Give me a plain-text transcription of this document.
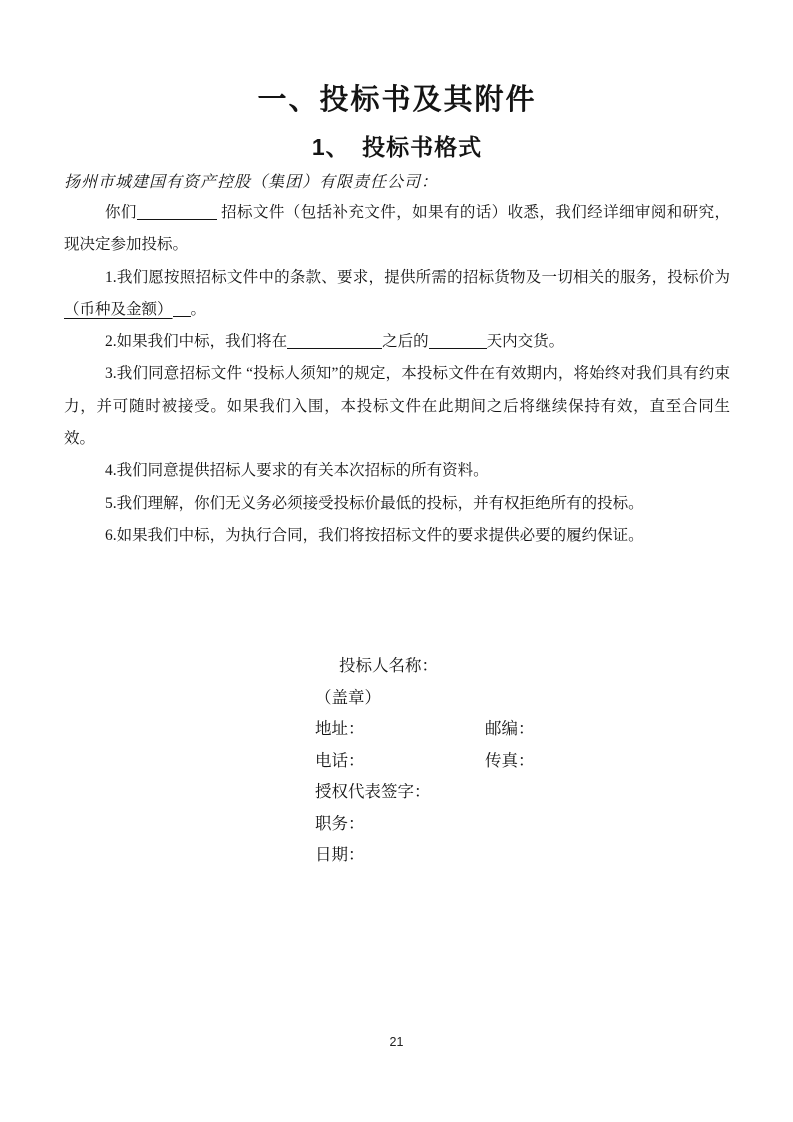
一、投标书及其附件
1、　投标书格式
扬州市城建国有资产控股（集团）有限责任公司：

你们	招标文件（包括补充文件，如果有的话）收悉，我们经详细审阅和研究，现决定参加投标。

1.我们愿按照招标文件中的条款、要求，提供所需的招标货物及一切相关的服务，投标价为（币种及金额） 。

2.如果我们中标，我们将在	之后的	天内交货。

3.我们同意招标文件 “投标人须知”的规定，本投标文件在有效期内，将始终对我们具有约束力，并可随时被接受。如果我们入围，本投标文件在此期间之后将继续保持有效，直至合同生效。

4.我们同意提供招标人要求的有关本次招标的所有资料。

5.我们理解，你们无义务必须接受投标价最低的投标，并有权拒绝所有的投标。

6.如果我们中标，为执行合同，我们将按招标文件的要求提供必要的履约保证。

投标人名称：
（盖章）
地址：	邮编：
电话：	传真：
授权代表签字：
职务：
日期：
21
